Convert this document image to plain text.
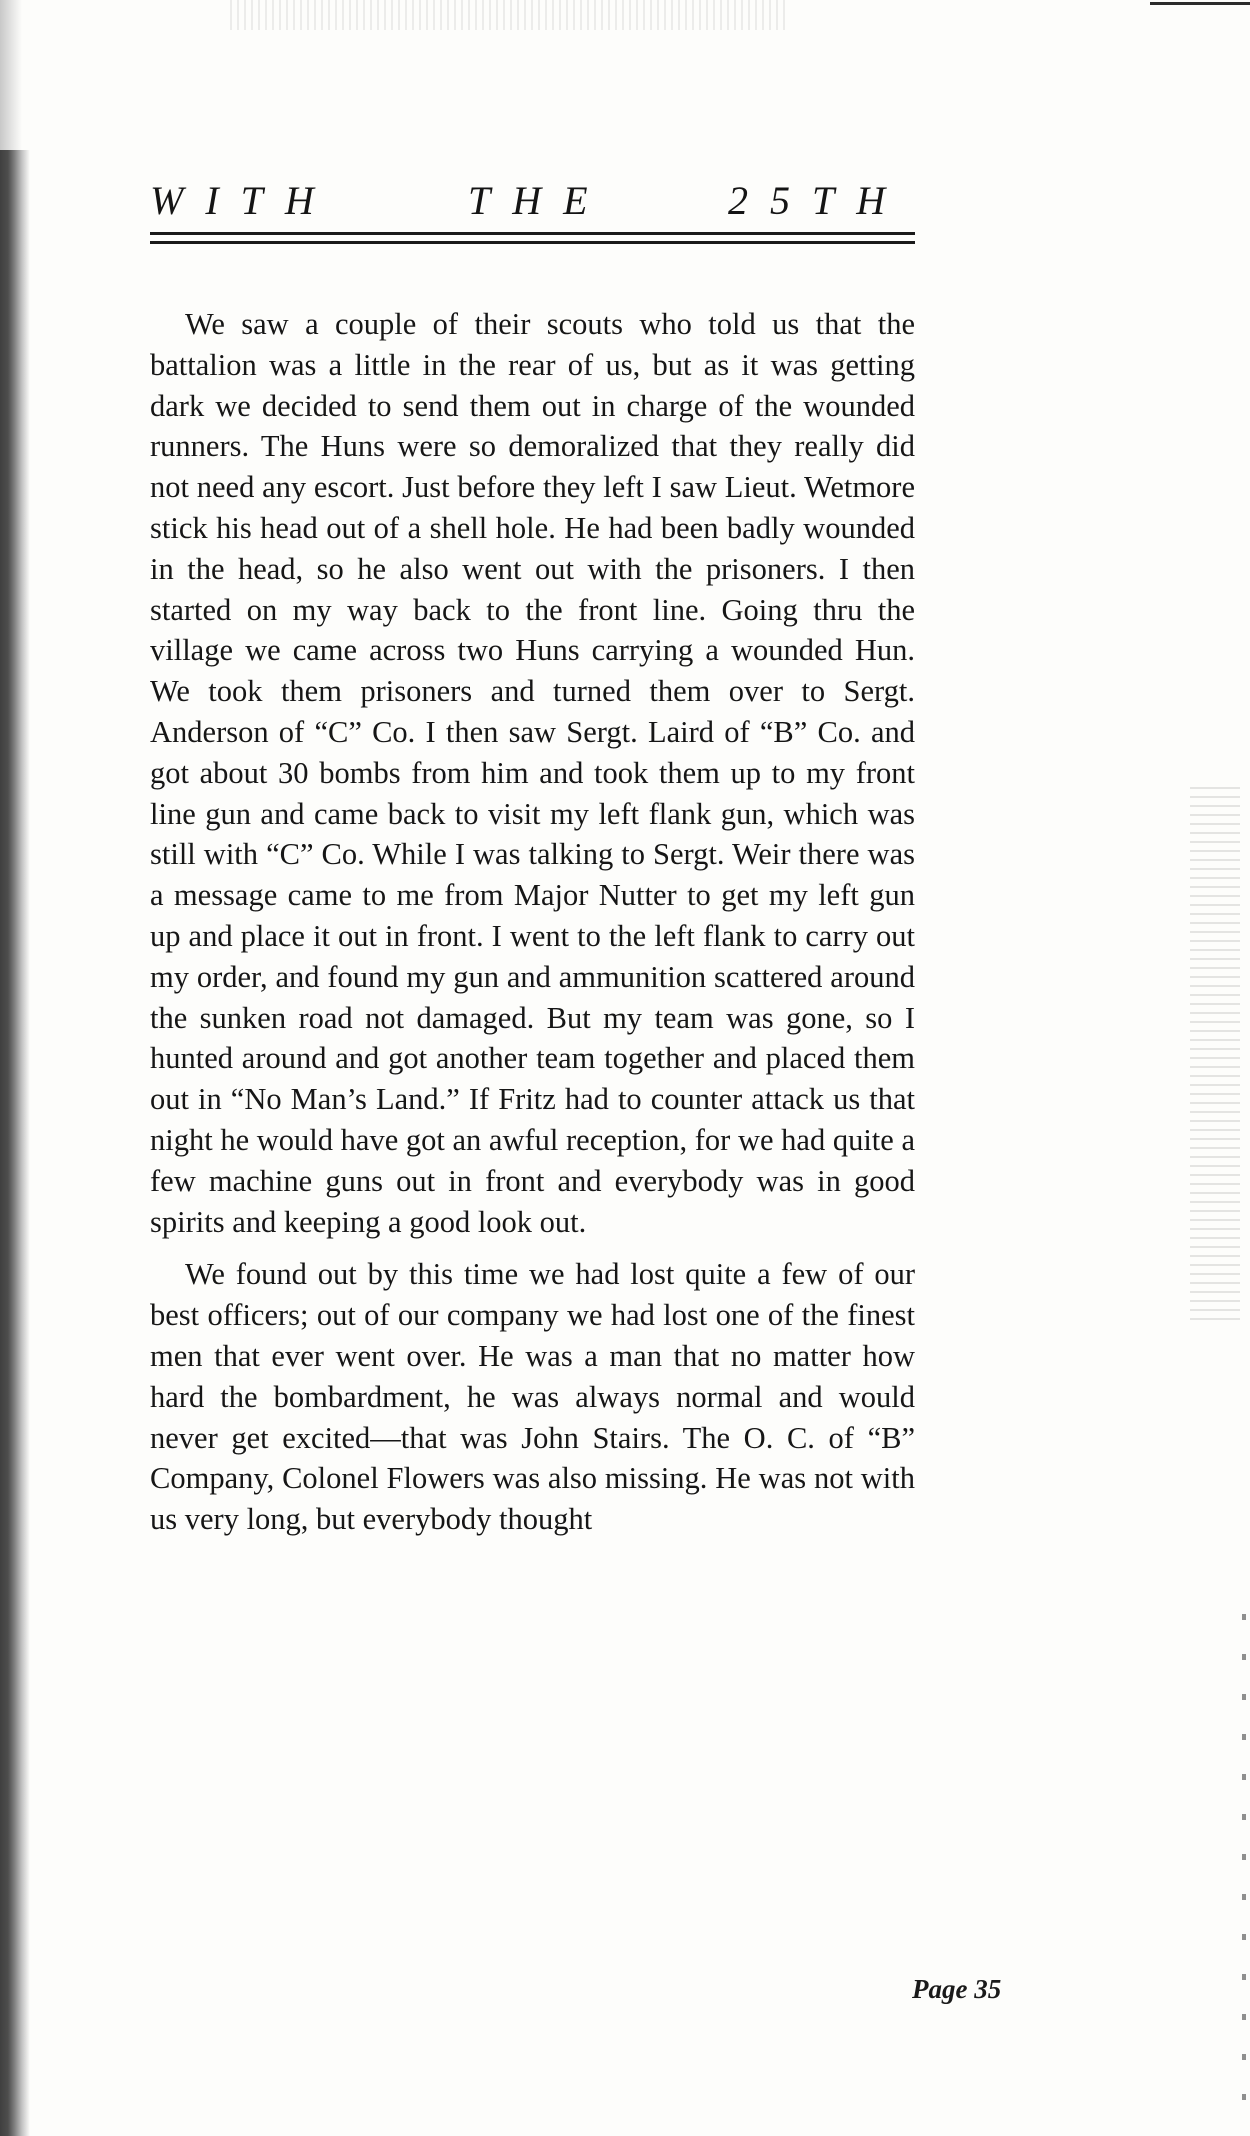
WITH	THE	25TH

We saw a couple of their scouts who told us that the battalion was a little in the rear of us, but as it was getting dark we decided to send them out in charge of the wounded runners. The Huns were so demoralized that they really did not need any escort. Just before they left I saw Lieut. Wetmore stick his head out of a shell hole. He had been badly wounded in the head, so he also went out with the prisoners. I then started on my way back to the front line. Going thru the village we came across two Huns carrying a wounded Hun. We took them prisoners and turned them over to Sergt. Anderson of “C” Co. I then saw Sergt. Laird of “B” Co. and got about 30 bombs from him and took them up to my front line gun and came back to visit my left flank gun, which was still with “C” Co. While I was talking to Sergt. Weir there was a message came to me from Major Nutter to get my left gun up and place it out in front. I went to the left flank to carry out my order, and found my gun and ammunition scattered around the sunken road not damaged. But my team was gone, so I hunted around and got another team together and placed them out in “No Man’s Land.” If Fritz had to counter attack us that night he would have got an awful reception, for we had quite a few machine guns out in front and everybody was in good spirits and keeping a good look out.

We found out by this time we had lost quite a few of our best officers; out of our company we had lost one of the finest men that ever went over. He was a man that no matter how hard the bombardment, he was always normal and would never get excited—that was John Stairs. The O. C. of “B” Company, Colonel Flowers was also missing. He was not with us very long, but everybody thought

Page 35
